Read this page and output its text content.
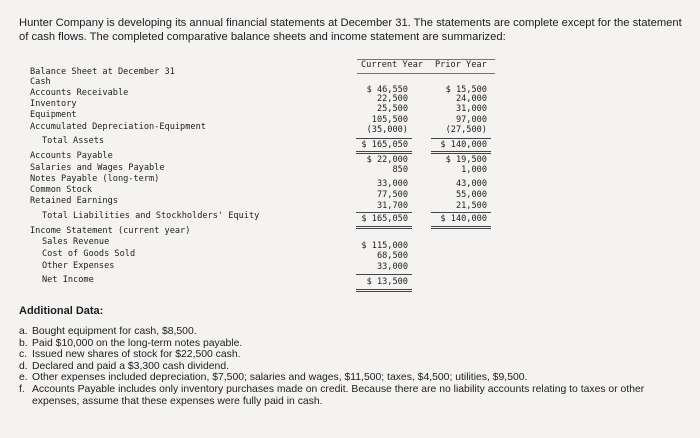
Hunter Company is developing its annual financial statements at December 31. The statements are complete except for the statement of cash flows. The completed comparative balance sheets and income statement are summarized:
Current Year Prior Year
Balance Sheet at December 31
Cash
Accounts Receivable
Inventory
Equipment
Accumulated Depreciation-Equipment
Total Assets
Accounts Payable
Salaries and Wages Payable
Notes Payable (long-term)
Common Stock
Retained Earnings
Total Liabilities and Stockholders' Equity
Income Statement (current year)
Sales Revenue
Cost of Goods Sold
Other Expenses
Net Income
$ 46,550
22,500
25,500
105,500
(35,000)
$ 165,050
$ 22,000
850
33,000
77,500
31,700
$ 165,050
$ 115,000
68,500
33,000
$ 13,500
$ 15,500
24,000
31,000
97,000
(27,500)
$ 140,000
$ 19,500
1,000
43,000
55,000
21,500
$ 140,000
Additional Data:
a. Bought equipment for cash, $8,500.
b. Paid $10,000 on the long-term notes payable.
c. Issued new shares of stock for $22,500 cash.
d. Declared and paid a $3,300 cash dividend.
e. Other expenses included depreciation, $7,500; salaries and wages, $11,500; taxes, $4,500; utilities, $9,500.
f. Accounts Payable includes only inventory purchases made on credit. Because there are no liability accounts relating to taxes or other expenses, assume that these expenses were fully paid in cash.
